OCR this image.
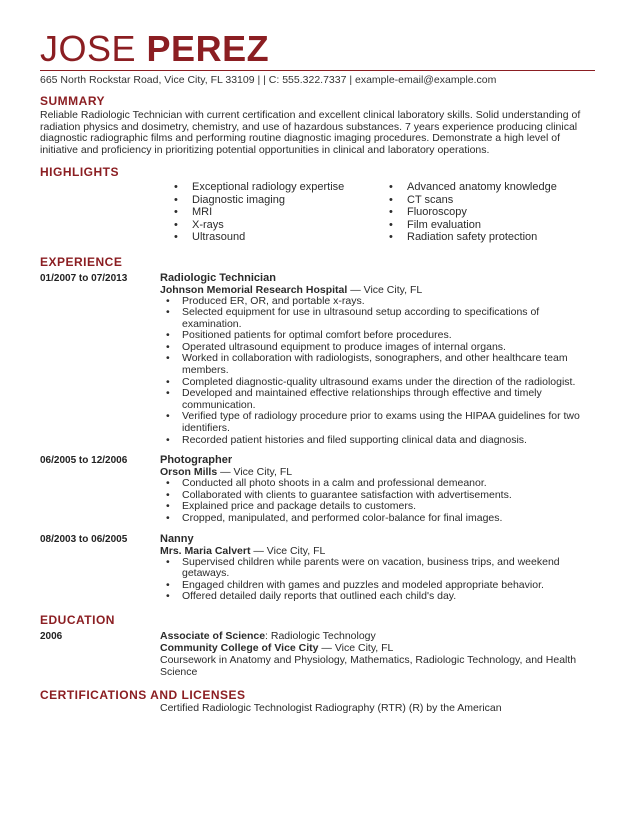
JOSE PEREZ
665 North Rockstar Road, Vice City, FL 33109 | | C: 555.322.7337 | example-email@example.com
SUMMARY

Reliable Radiologic Technician with current certification and excellent clinical laboratory skills. Solid understanding of radiation physics and dosimetry, chemistry, and use of hazardous substances. 7 years experience producing clinical diagnostic radiographic films and performing routine diagnostic imaging procedures. Demonstrate a high level of initiative and proficiency in prioritizing potential opportunities in clinical and laboratory operations.

HIGHLIGHTS
• Exceptional radiology expertise
• Diagnostic imaging
• MRI
• X-rays
• Ultrasound
• Advanced anatomy knowledge
• CT scans
• Fluoroscopy
• Film evaluation
• Radiation safety protection
EXPERIENCE
01/2007 to 07/2013	Radiologic Technician
Johnson Memorial Research Hospital — Vice City, FL
• Produced ER, OR, and portable x-rays.
• Selected equipment for use in ultrasound setup according to specifications of examination.
• Positioned patients for optimal comfort before procedures.
• Operated ultrasound equipment to produce images of internal organs.
• Worked in collaboration with radiologists, sonographers, and other healthcare team members.
• Completed diagnostic-quality ultrasound exams under the direction of the radiologist.
• Developed and maintained effective relationships through effective and timely communication.
• Verified type of radiology procedure prior to exams using the HIPAA guidelines for two identifiers.
• Recorded patient histories and filed supporting clinical data and diagnosis.
06/2005 to 12/2006	Photographer
Orson Mills — Vice City, FL
• Conducted all photo shoots in a calm and professional demeanor.
• Collaborated with clients to guarantee satisfaction with advertisements.
• Explained price and package details to customers.
• Cropped, manipulated, and performed color-balance for final images.
08/2003 to 06/2005	Nanny
Mrs. Maria Calvert — Vice City, FL
• Supervised children while parents were on vacation, business trips, and weekend getaways.
• Engaged children with games and puzzles and modeled appropriate behavior.
• Offered detailed daily reports that outlined each child's day.
EDUCATION
2006	Associate of Science: Radiologic Technology
Community College of Vice City — Vice City, FL
Coursework in Anatomy and Physiology, Mathematics, Radiologic Technology, and Health Science
CERTIFICATIONS AND LICENSES
Certified Radiologic Technologist Radiography (RTR) (R) by the American
